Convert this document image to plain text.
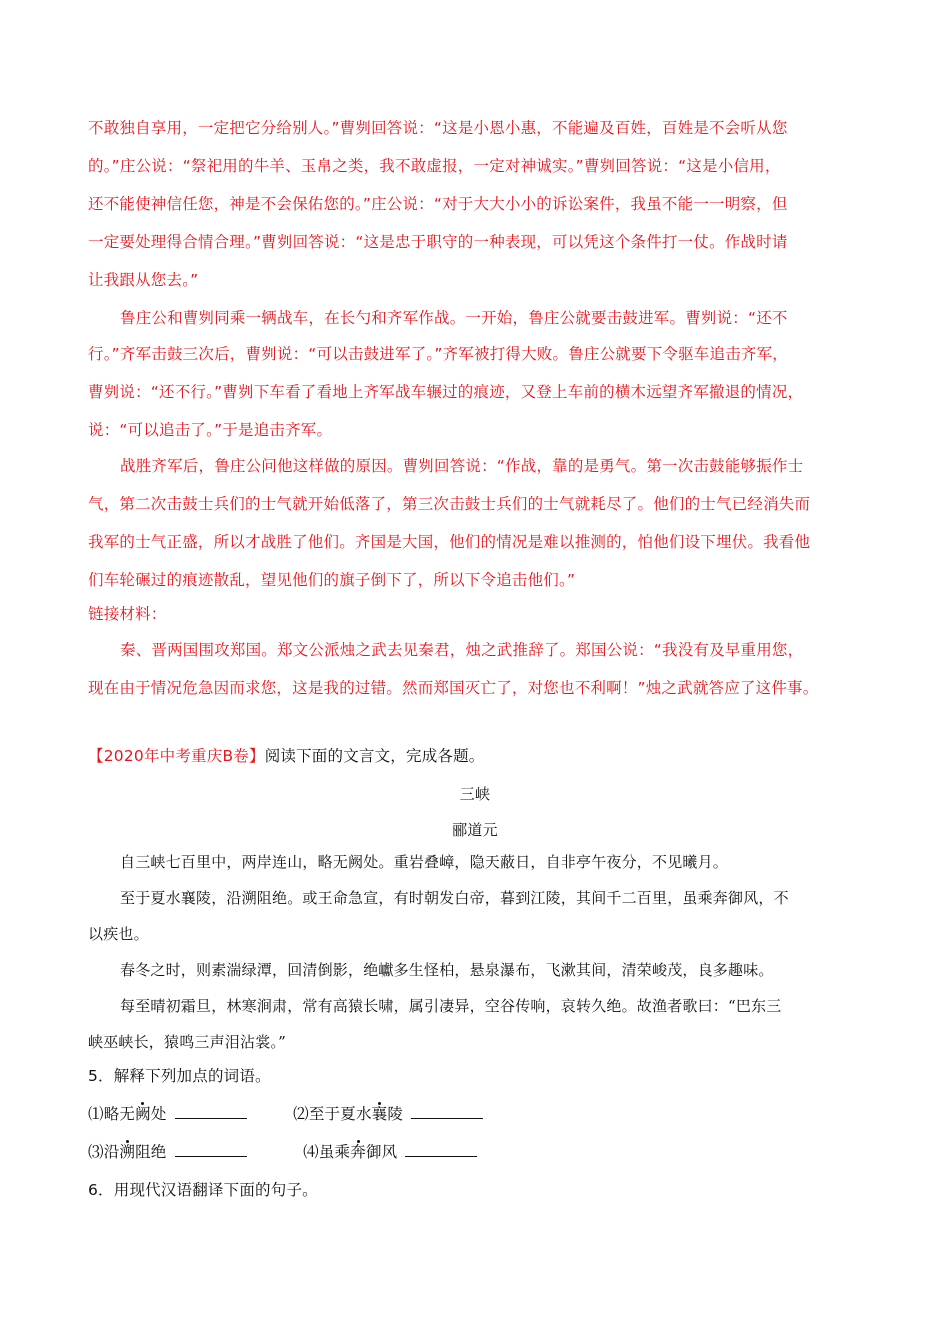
不敢独自享用，一定把它分给别人。”曹刿回答说：“这是小恩小惠，不能遍及百姓，百姓是不会听从您
的。”庄公说：“祭祀用的牛羊、玉帛之类，我不敢虚报，一定对神诚实。”曹刿回答说：“这是小信用，
还不能使神信任您，神是不会保佑您的。”庄公说：“对于大大小小的诉讼案件，我虽不能一一明察，但
一定要处理得合情合理。”曹刿回答说：“这是忠于职守的一种表现，可以凭这个条件打一仗。作战时请
让我跟从您去。”
鲁庄公和曹刿同乘一辆战车，在长勺和齐军作战。一开始，鲁庄公就要击鼓进军。曹刿说：“还不
行。”齐军击鼓三次后，曹刿说：“可以击鼓进军了。”齐军被打得大败。鲁庄公就要下令驱车追击齐军，
曹刿说：“还不行。”曹刿下车看了看地上齐军战车辗过的痕迹，又登上车前的横木远望齐军撤退的情况，
说：“可以追击了。”于是追击齐军。
战胜齐军后，鲁庄公问他这样做的原因。曹刿回答说：“作战，靠的是勇气。第一次击鼓能够振作士
气，第二次击鼓士兵们的士气就开始低落了，第三次击鼓士兵们的士气就耗尽了。他们的士气已经消失而
我军的士气正盛，所以才战胜了他们。齐国是大国，他们的情况是难以推测的，怕他们设下埋伏。我看他
们车轮碾过的痕迹散乱，望见他们的旗子倒下了，所以下令追击他们。”
链接材料：
秦、晋两国围攻郑国。郑文公派烛之武去见秦君，烛之武推辞了。郑国公说：“我没有及早重用您，
现在由于情况危急因而求您，这是我的过错。然而郑国灭亡了，对您也不利啊！”烛之武就答应了这件事。
【2020年中考重庆B卷】阅读下面的文言文，完成各题。
三峡
郦道元
自三峡七百里中，两岸连山，略无阙处。重岩叠嶂，隐天蔽日，自非亭午夜分，不见曦月。
至于夏水襄陵，沿溯阻绝。或王命急宣，有时朝发白帝，暮到江陵，其间千二百里，虽乘奔御风，不
以疾也。
春冬之时，则素湍绿潭，回清倒影，绝巘多生怪柏，悬泉瀑布，飞漱其间，清荣峻茂，良多趣味。
每至晴初霜旦，林寒涧肃，常有高猿长啸，属引凄异，空谷传响，哀转久绝。故渔者歌曰：“巴东三
峡巫峡长，猿鸣三声泪沾裳。”
5．解释下列加点的词语。
⑴略无阙处	⑵至于夏水襄陵
⑶沿溯阻绝	⑷虽乘奔御风
6．用现代汉语翻译下面的句子。
